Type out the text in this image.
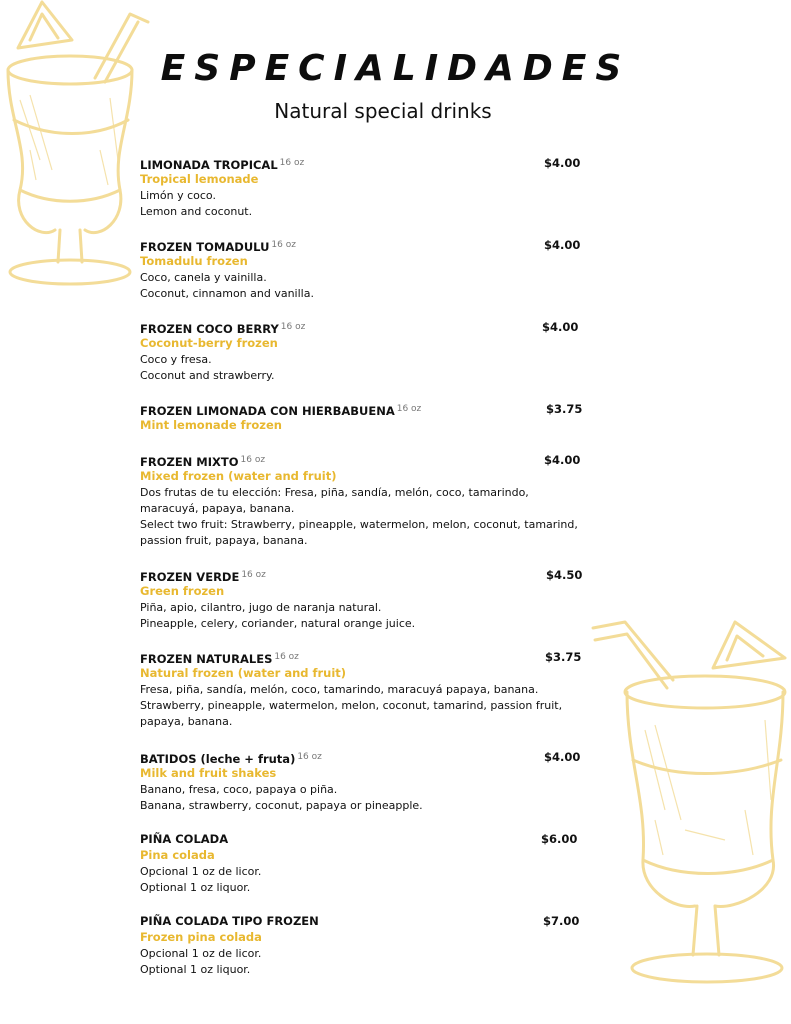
ESPECIALIDADES
Natural special drinks
LIMONADA TROPICAL $^{16 oz}$	$4.00
Tropical lemonade
Limón y coco.
Lemon and coconut.
FROZEN TOMADULU $^{16 oz}$	$4.00
Tomadulu frozen
Coco, canela y vainilla.
Coconut, cinnamon and vanilla.
FROZEN COCO BERRY $^{16 oz}$	$4.00
Coconut-berry frozen
Coco y fresa.
Coconut and strawberry.
FROZEN LIMONADA CON HIERBABUENA $^{16 oz}$	$3.75
Mint lemonade frozen
FROZEN MIXTO $^{16 oz}$	$4.00
Mixed frozen (water and fruit)
Dos frutas de tu elección: Fresa, piña, sandía, melón, coco, tamarindo,
maracuyá, papaya, banana.
Select two fruit: Strawberry, pineapple, watermelon, melon, coconut, tamarind,
passion fruit, papaya, banana.
FROZEN VERDE $^{16 oz}$	$4.50
Green frozen
Piña, apio, cilantro, jugo de naranja natural.
Pineapple, celery, coriander, natural orange juice.
FROZEN NATURALES $^{16 oz}$	$3.75
Natural frozen (water and fruit)
Fresa, piña, sandía, melón, coco, tamarindo, maracuyá papaya, banana.
Strawberry, pineapple, watermelon, melon, coconut, tamarind, passion fruit,
papaya, banana.
BATIDOS (leche + fruta) $^{16 oz}$	$4.00
Milk and fruit shakes
Banano, fresa, coco, papaya o piña.
Banana, strawberry, coconut, papaya or pineapple.
PIÑA COLADA	$6.00
Pina colada
Opcional 1 oz de licor.
Optional 1 oz liquor.
PIÑA COLADA TIPO FROZEN	$7.00
Frozen pina colada
Opcional 1 oz de licor.
Optional 1 oz liquor.
